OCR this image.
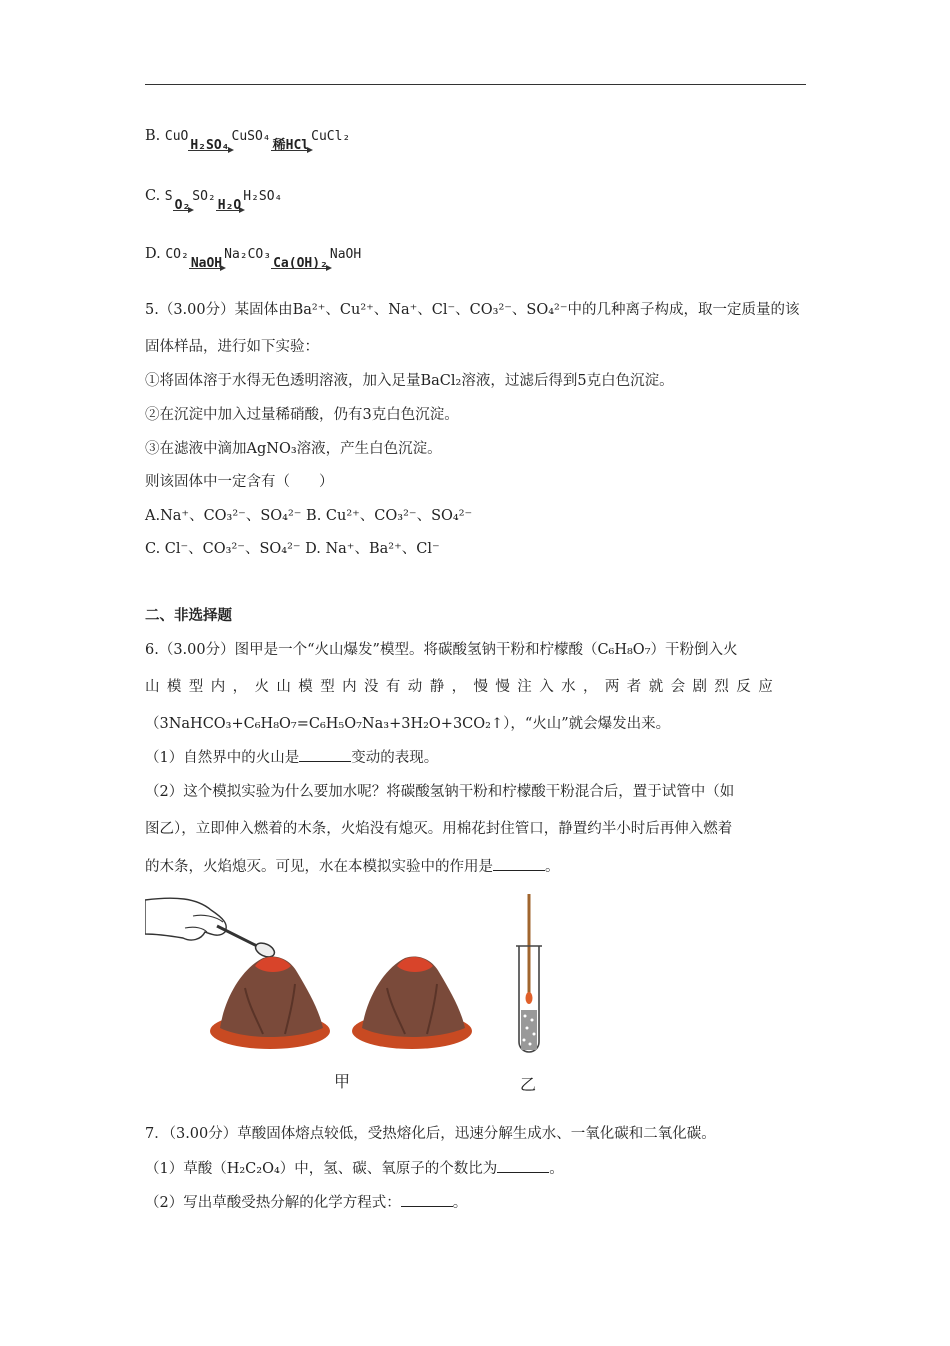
B. CuOH₂SO₄
CuSO₄稀HCl
CuCl₂
C. SO₂
SO₂H₂O
H₂SO₄
D. CO₂NaOH
Na₂CO₃Ca(OH)₂
NaOH
5.（3.00分）某固体由Ba²⁺、Cu²⁺、Na⁺、Cl⁻、CO₃²⁻、SO₄²⁻中的几种离子构成，取一定质量的该
固体样品，进行如下实验：
①将固体溶于水得无色透明溶液，加入足量BaCl₂溶液，过滤后得到5克白色沉淀。
②在沉淀中加入过量稀硝酸，仍有3克白色沉淀。
③在滤液中滴加AgNO₃溶液，产生白色沉淀。
则该固体中一定含有（　　）
A.Na⁺、CO₃²⁻、SO₄²⁻ B. Cu²⁺、CO₃²⁻、SO₄²⁻
C. Cl⁻、CO₃²⁻、SO₄²⁻ D. Na⁺、Ba²⁺、Cl⁻
二、非选择题
6.（3.00分）图甲是一个“火山爆发”模型。将碳酸氢钠干粉和柠檬酸（C₆H₈O₇）干粉倒入火
山模型内，火山模型内没有动静，慢慢注入水，两者就会剧烈反应
（3NaHCO₃+C₆H₈O₇=C₆H₅O₇Na₃+3H₂O+3CO₂↑），“火山”就会爆发出来。
（1）自然界中的火山是	变动的表现。
（2）这个模拟实验为什么要加水呢？将碳酸氢钠干粉和柠檬酸干粉混合后，置于试管中（如
图乙），立即伸入燃着的木条，火焰没有熄灭。用棉花封住管口，静置约半小时后再伸入燃着
的木条，火焰熄灭。可见，水在本模拟实验中的作用是	。
甲	乙
7．（3.00分）草酸固体熔点较低，受热熔化后，迅速分解生成水、一氧化碳和二氧化碳。
（1）草酸（H₂C₂O₄）中，氢、碳、氧原子的个数比为	。
（2）写出草酸受热分解的化学方程式：	。
